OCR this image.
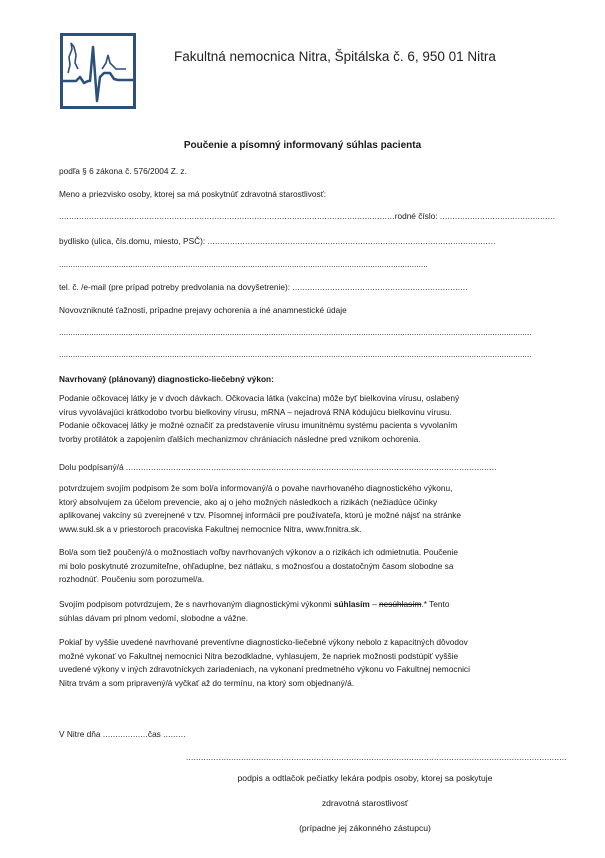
Fakultná nemocnica Nitra, Špitálska č. 6, 950 01 Nitra
Poučenie a písomný informovaný súhlas pacienta
podľa § 6 zákona č. 576/2004 Z. z.
Meno a priezvisko osoby, ktorej sa má poskytnúť zdravotná starostlivosť:
......................................................................................................................................rodné číslo: ..............................................
bydlisko (ulica, čís.domu, miesto, PSČ): ...................................................................................................................
................................................................................................................................................................
tel. č. /e-mail (pre prípad potreby predvolania na dovyšetrenie): ......................................................................
Novovzniknuté ťažnosti, prípadne prejavy ochorenia a iné anamnestické údaje
.............................................................................................................................................................................................................
.............................................................................................................................................................................................................
Navrhovaný (plánovaný) diagnosticko-liečebný výkon:
Podanie očkovacej látky je v dvoch dávkach. Očkovacia látka (vakcína) môže byť bielkovina vírusu, oslabený
vírus vyvolávajúci krátkodobo tvorbu bielkoviny vírusu, mRNA – nejadrová RNA kódujúcu bielkovinu vírusu.
Podanie očkovacej látky je možné označiť za predstavenie vírusu imunitnému systému pacienta s vyvolaním
tvorby protilátok a zapojením ďalších mechanizmov chrániacich následne pred vznikom ochorenia.
Dolu podpísaný/á ....................................................................................................................................................
potvrdzujem svojím podpisom že som bol/a informovaný/á o povahe navrhovaného diagnostického výkonu,
ktorý absolvujem za účelom prevencie, ako aj o jeho možných následkoch a rizikách (nežiadúce účinky
aplikovanej vakcíny sú zverejnené v tzv. Písomnej informácii pre používateľa, ktorú je možné nájsť na stránke
www.sukl.sk a v priestoroch pracoviska Fakultnej nemocnice Nitra, www.fnnitra.sk.
Bol/a som tiež poučený/á o možnostiach voľby navrhovaných výkonov a o rizikách ich odmietnutia. Poučenie
mi bolo poskytnuté zrozumiteľne, ohľaduplne, bez nátlaku, s možnosťou a dostatočným časom slobodne sa
rozhodnúť. Poučeniu som porozumel/a.
Svojím podpisom potvrdzujem, že s navrhovaným diagnostickými výkonmi súhlasím – nesúhlasím.* Tento
súhlas dávam pri plnom vedomí, slobodne a vážne.
Pokiaľ by vyššie uvedené navrhované preventívne diagnosticko-liečebné výkony nebolo z kapacitných dôvodov
možné vykonať vo Fakultnej nemocnici Nitra bezodkladne, vyhlasujem, že napriek možnosti podstúpiť vyššie
uvedené výkony v iných zdravotníckych zariadeniach, na vykonaní predmetného výkonu vo Fakultnej nemocnici
Nitra trvám a som pripravený/á vyčkať až do termínu, na ktorý som objednaný/á.
V Nitre dňa ..................čas .........
........................................................................................................................................................
podpis a odtlačok pečiatky lekára podpis osoby, ktorej sa poskytuje
zdravotná starostlivosť
(prípadne jej zákonného zástupcu)
